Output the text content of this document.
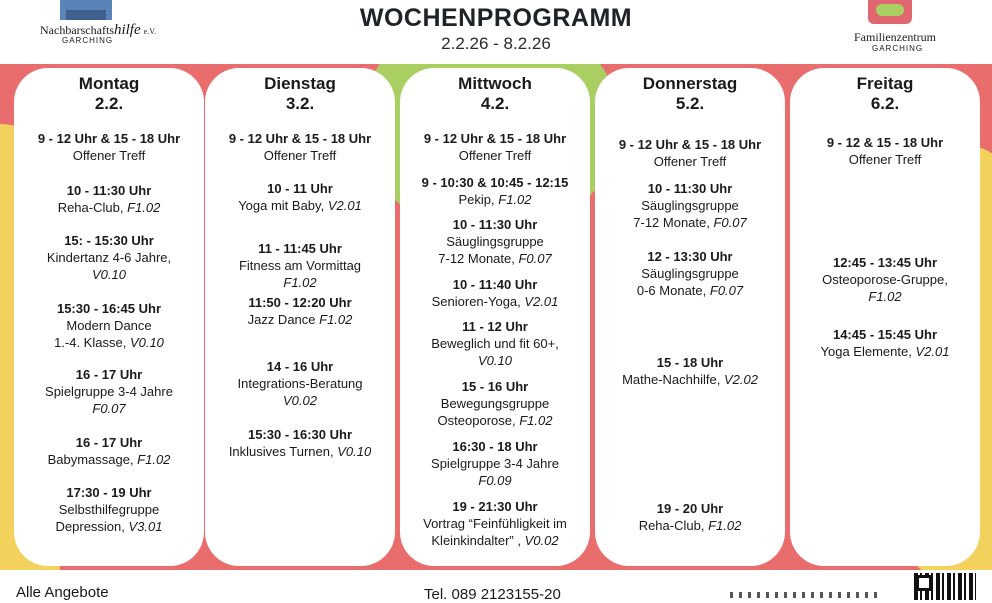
Nachbarschaftshilfe e.V.
GARCHING
WOCHENPROGRAMM
2.2.26 - 8.2.26	Familienzentrum
GARCHING
Montag
2.2.
9 - 12 Uhr & 15 - 18 Uhr
Offener Treff
10 - 11:30 Uhr
Reha-Club, F1.02
15: - 15:30 Uhr
Kindertanz 4-6 Jahre,
V0.10
15:30 - 16:45 Uhr
Modern Dance
1.-4. Klasse, V0.10
16 - 17 Uhr
Spielgruppe 3-4 Jahre
F0.07
16 - 17 Uhr
Babymassage, F1.02
17:30 - 19 Uhr
Selbsthilfegruppe
Depression, V3.01
Dienstag
3.2.
9 - 12 Uhr & 15 - 18 Uhr
Offener Treff
10 - 11 Uhr
Yoga mit Baby, V2.01
11 - 11:45 Uhr
Fitness am Vormittag
F1.02
11:50 - 12:20 Uhr
Jazz Dance F1.02
14 - 16 Uhr
Integrations-Beratung
V0.02
15:30 - 16:30 Uhr
Inklusives Turnen, V0.10
Mittwoch
4.2.
9 - 12 Uhr & 15 - 18 Uhr
Offener Treff
9 - 10:30 & 10:45 - 12:15
Pekip, F1.02
10 - 11:30 Uhr
Säuglingsgruppe
7-12 Monate, F0.07
10 - 11:40 Uhr
Senioren-Yoga, V2.01
11 - 12 Uhr
Beweglich und fit 60+,
V0.10
15 - 16 Uhr
Bewegungsgruppe
Osteoporose, F1.02
16:30 - 18 Uhr
Spielgruppe 3-4 Jahre
F0.09
19 - 21:30 Uhr
Vortrag “Feinfühligkeit im
Kleinkindalter” , V0.02
Donnerstag
5.2.
9 - 12 Uhr & 15 - 18 Uhr
Offener Treff
10 - 11:30 Uhr
Säuglingsgruppe
7-12 Monate, F0.07
12 - 13:30 Uhr
Säuglingsgruppe
0-6 Monate, F0.07
15 - 18 Uhr
Mathe-Nachhilfe, V2.02
19 - 20 Uhr
Reha-Club, F1.02
Freitag
6.2.
9 - 12 & 15 - 18 Uhr
Offener Treff
12:45 - 13:45 Uhr
Osteoporose-Gruppe,
F1.02
14:45 - 15:45 Uhr
Yoga Elemente, V2.01
Alle Angebote	Tel. 089 2123155-20
